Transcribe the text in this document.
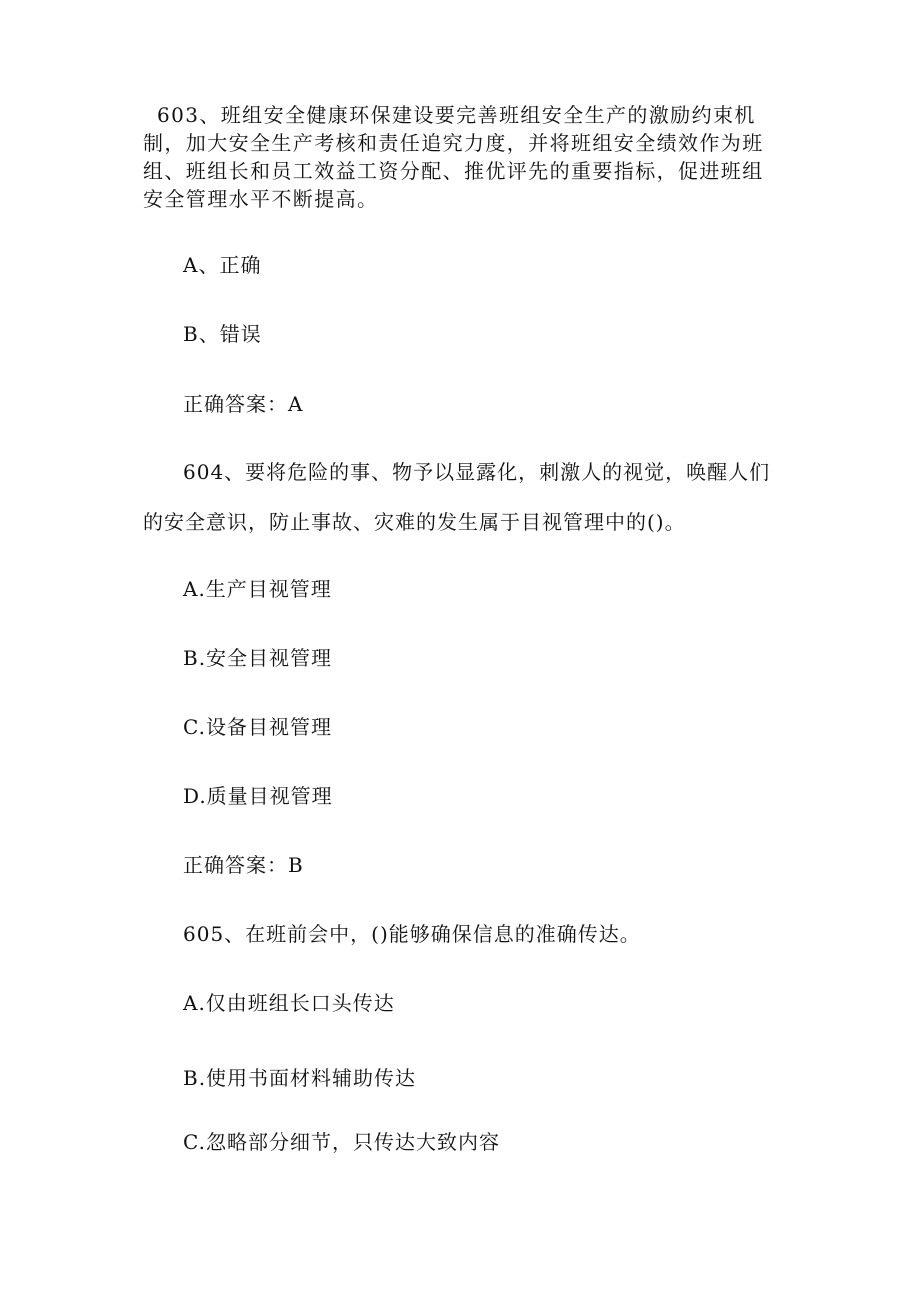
603、班组安全健康环保建设要完善班组安全生产的激励约束机
制，加大安全生产考核和责任追究力度，并将班组安全绩效作为班
组、班组长和员工效益工资分配、推优评先的重要指标，促进班组
安全管理水平不断提高。

A、正确

B、错误

正确答案：A

604、要将危险的事、物予以显露化，刺激人的视觉，唤醒人们

的安全意识，防止事故、灾难的发生属于目视管理中的()。

A.生产目视管理

B.安全目视管理

C.设备目视管理

D.质量目视管理

正确答案：B

605、在班前会中，()能够确保信息的准确传达。

A.仅由班组长口头传达

B.使用书面材料辅助传达

C.忽略部分细节，只传达大致内容
